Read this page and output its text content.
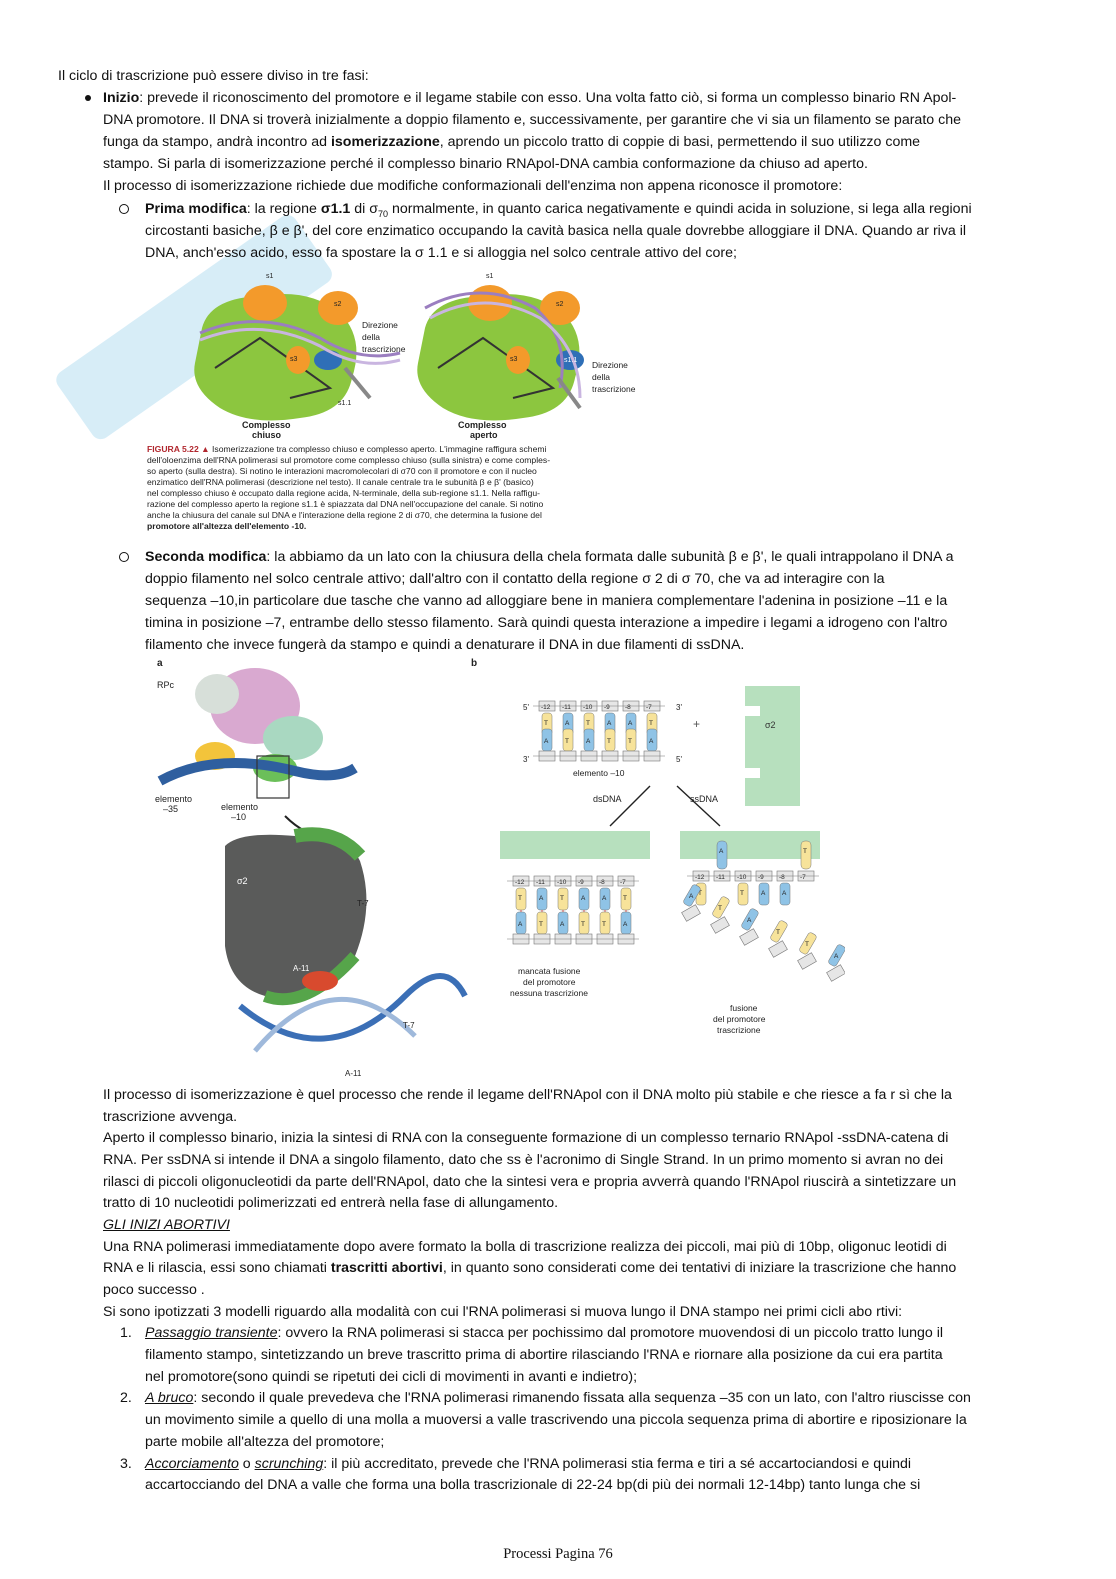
Il ciclo di trascrizione può essere diviso in tre fasi:
Inizio: prevede il riconoscimento del promotore e il legame stabile con esso. Una volta fatto ciò, si forma un complesso binario RN Apol-
DNA promotore. Il DNA si troverà inizialmente a doppio filamento e, successivamente, per garantire che vi sia un filamento se parato che
funga da stampo, andrà incontro ad isomerizzazione, aprendo un piccolo tratto di coppie di basi, permettendo il suo utilizzo come
stampo. Si parla di isomerizzazione perché il complesso binario RNApol-DNA cambia conformazione da chiuso ad aperto.
Il processo di isomerizzazione richiede due modifiche conformazionali dell'enzima non appena riconosce il promotore:
Prima modifica: la regione σ1.1 di $\sigma_{70}$ normalmente, in quanto carica negativamente e quindi acida in soluzione, si lega alla regioni
circostanti basiche, β e β', del core enzimatico occupando la cavità basica nella quale dovrebbe alloggiare il DNA. Quando ar riva il
DNA, anch'esso acido, esso fa spostare la σ 1.1 e si alloggia nel solco centrale attivo del core;
s1
s2
s3
s1.1
Direzione
della
trascrizione
Complesso
chiuso
s1
s2
s3	s1.1 Direzione
della
trascrizione
Complesso
aperto
FIGURA 5.22 ▲ Isomerizzazione tra complesso chiuso e complesso aperto. L'immagine raffigura schemi
dell'oloenzima dell'RNA polimerasi sul promotore come complesso chiuso (sulla sinistra) e come comples-
so aperto (sulla destra). Si notino le interazioni macromolecolari di σ70 con il promotore e con il nucleo
enzimatico dell'RNA polimerasi (descrizione nel testo). Il canale centrale tra le subunità β e β' (basico)
nel complesso chiuso è occupato dalla regione acida, N-terminale, della sub-regione s1.1. Nella raffigu-
razione del complesso aperto la regione s1.1 è spiazzata dal DNA nell'occupazione del canale. Si notino
anche la chiusura del canale sul DNA e l'interazione della regione 2 di σ70, che determina la fusione del
promotore all'altezza dell'elemento -10.
Seconda modifica: la abbiamo da un lato con la chiusura della chela formata dalle subunità β e β', le quali intrappolano il DNA a
doppio filamento nel solco centrale attivo; dall'altro con il contatto della regione σ 2 di σ 70, che va ad interagire con la
sequenza –10,in particolare due tasche che vanno ad alloggiare bene in maniera complementare l'adenina in posizione –11 e la
timina in posizione –7, entrambe dello stesso filamento. Sarà quindi questa interazione a impedire i legami a idrogeno con l'altro
filamento che invece fungerà da stampo e quindi a denaturare il DNA in due filamenti di ssDNA.
a
RPc
elemento
–35	elemento
–10
σ2
T-7
A-11
T-7
A-11
b
5'	3'
3'	5'
-12
T
A
-11
A
T
-10
T
A
-9
A
T
-8
A
T
-7
T
A
elemento –10
+	σ2
dsDNA	ssDNA
-12
T
A
-11
A
T
-10
T
A
-9
A
T
-8
A
T
-7
T
A
mancata fusione
del promotore
nessuna trascrizione
-12
T
A
-11
A
T
-10
T
A
-9
A
T
-8
A
T
-7
T
A
fusione
del promotore
trascrizione
Il processo di isomerizzazione è quel processo che rende il legame dell'RNApol con il DNA molto più stabile e che riesce a fa r sì che la
trascrizione avvenga.
Aperto il complesso binario, inizia la sintesi di RNA con la conseguente formazione di un complesso ternario RNApol -ssDNA-catena di
RNA. Per ssDNA si intende il DNA a singolo filamento, dato che ss è l'acronimo di Single Strand. In un primo momento si avran no dei
rilasci di piccoli oligonucleotidi da parte dell'RNApol, dato che la sintesi vera e propria avverrà quando l'RNApol riuscirà a sintetizzare un
tratto di 10 nucleotidi polimerizzati ed entrerà nella fase di allungamento.
GLI INIZI ABORTIVI
Una RNA polimerasi immediatamente dopo avere formato la bolla di trascrizione realizza dei piccoli, mai più di 10bp, oligonuc leotidi di
RNA e li rilascia, essi sono chiamati trascritti abortivi, in quanto sono considerati come dei tentativi di iniziare la trascrizione che hanno
poco successo .
Si sono ipotizzati 3 modelli riguardo alla modalità con cui l'RNA polimerasi si muova lungo il DNA stampo nei primi cicli abo rtivi:
1. Passaggio transiente: ovvero la RNA polimerasi si stacca per pochissimo dal promotore muovendosi di un piccolo tratto lungo il
filamento stampo, sintetizzando un breve trascritto prima di abortire rilasciando l'RNA e riornare alla posizione da cui era partita
nel promotore(sono quindi se ripetuti dei cicli di movimenti in avanti e indietro);
2. A bruco: secondo il quale prevedeva che l'RNA polimerasi rimanendo fissata alla sequenza –35 con un lato, con l'altro riuscisse con
un movimento simile a quello di una molla a muoversi a valle trascrivendo una piccola sequenza prima di abortire e riposizionare la
parte mobile all'altezza del promotore;
3. Accorciamento o scrunching: il più accreditato, prevede che l'RNA polimerasi stia ferma e tiri a sé accartociandosi e quindi
accartocciando del DNA a valle che forma una bolla trascrizionale di 22-24 bp(di più dei normali 12-14bp) tanto lunga che si
Processi Pagina 76
